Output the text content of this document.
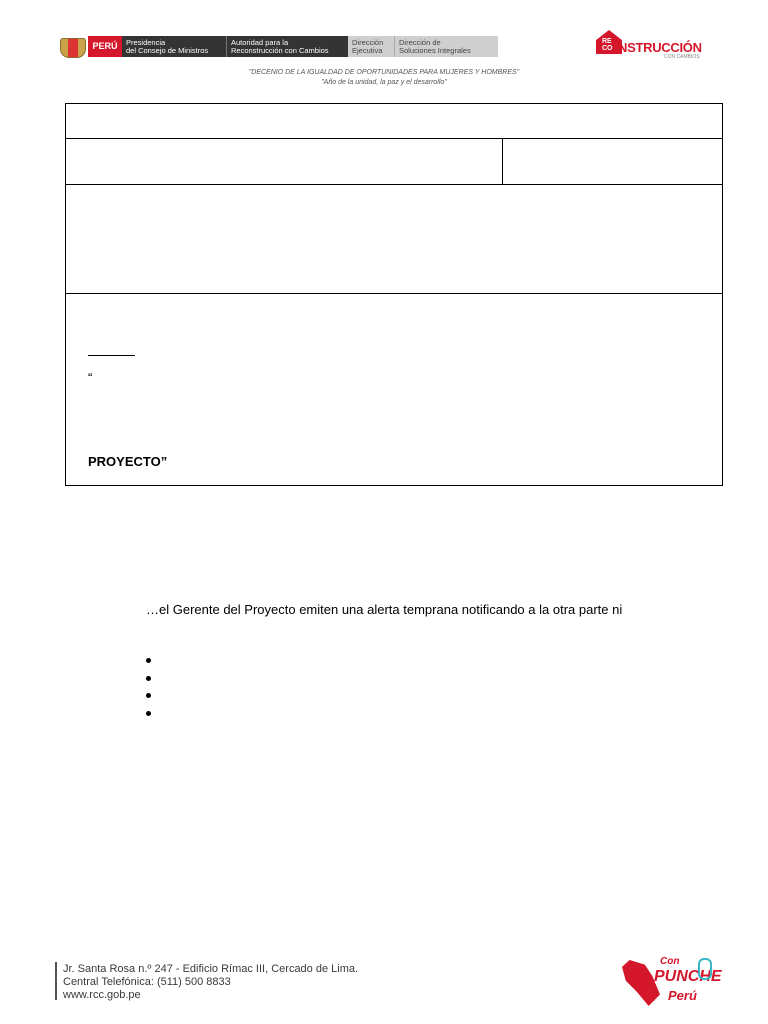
PERÚ	Presidencia
del Consejo de Ministros
Autoridad para la
Reconstrucción con Cambios
Dirección
Ejecutiva
Dirección de
Soluciones Integrales
RE
CO NSTRUCCIÓN
CON CAMBIOS
"DECENIO DE LA IGUALDAD DE OPORTUNIDADES PARA MUJERES Y HOMBRES"
"Año de la unidad, la paz y el desarrollo"
“
PROYECTO”
…el Gerente del Proyecto emiten una alerta temprana notificando a la otra parte ni
Jr. Santa Rosa n.º 247 - Edificio Rímac III, Cercado de Lima.
Central Telefónica: (511) 500 8833
www.rcc.gob.pe
Con
PUNCHE
Perú
